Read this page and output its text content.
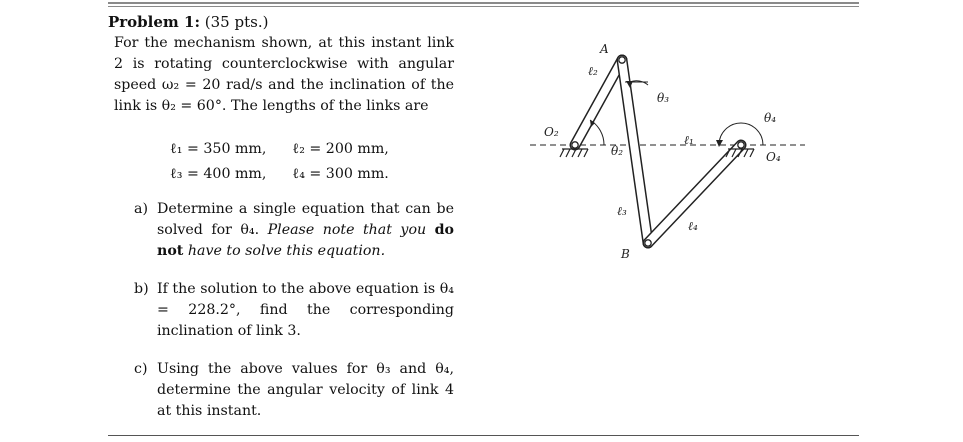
Problem 1: (35 pts.)

For the mechanism shown, at this instant link 2 is rotating counterclockwise with angular speed ω₂ = 20 rad/s and the inclination of the link is θ₂ = 60°. The lengths of the links are

ℓ₁ = 350 mm, ℓ₂ = 200 mm,
ℓ₃ = 400 mm, ℓ₄ = 300 mm.
a) Determine a single equation that can be solved for θ₄. Please note that you do not have to solve this equation.
b) If the solution to the above equation is θ₄ = 228.2°, find the corresponding inclination of link 3.
c) Using the above values for θ₃ and θ₄, determine the angular velocity of link 4 at this instant.
A
B
O₂
O₄
ℓ₂
ℓ₃
ℓ₄
ℓ₁
θ₂
θ₃
θ₄
